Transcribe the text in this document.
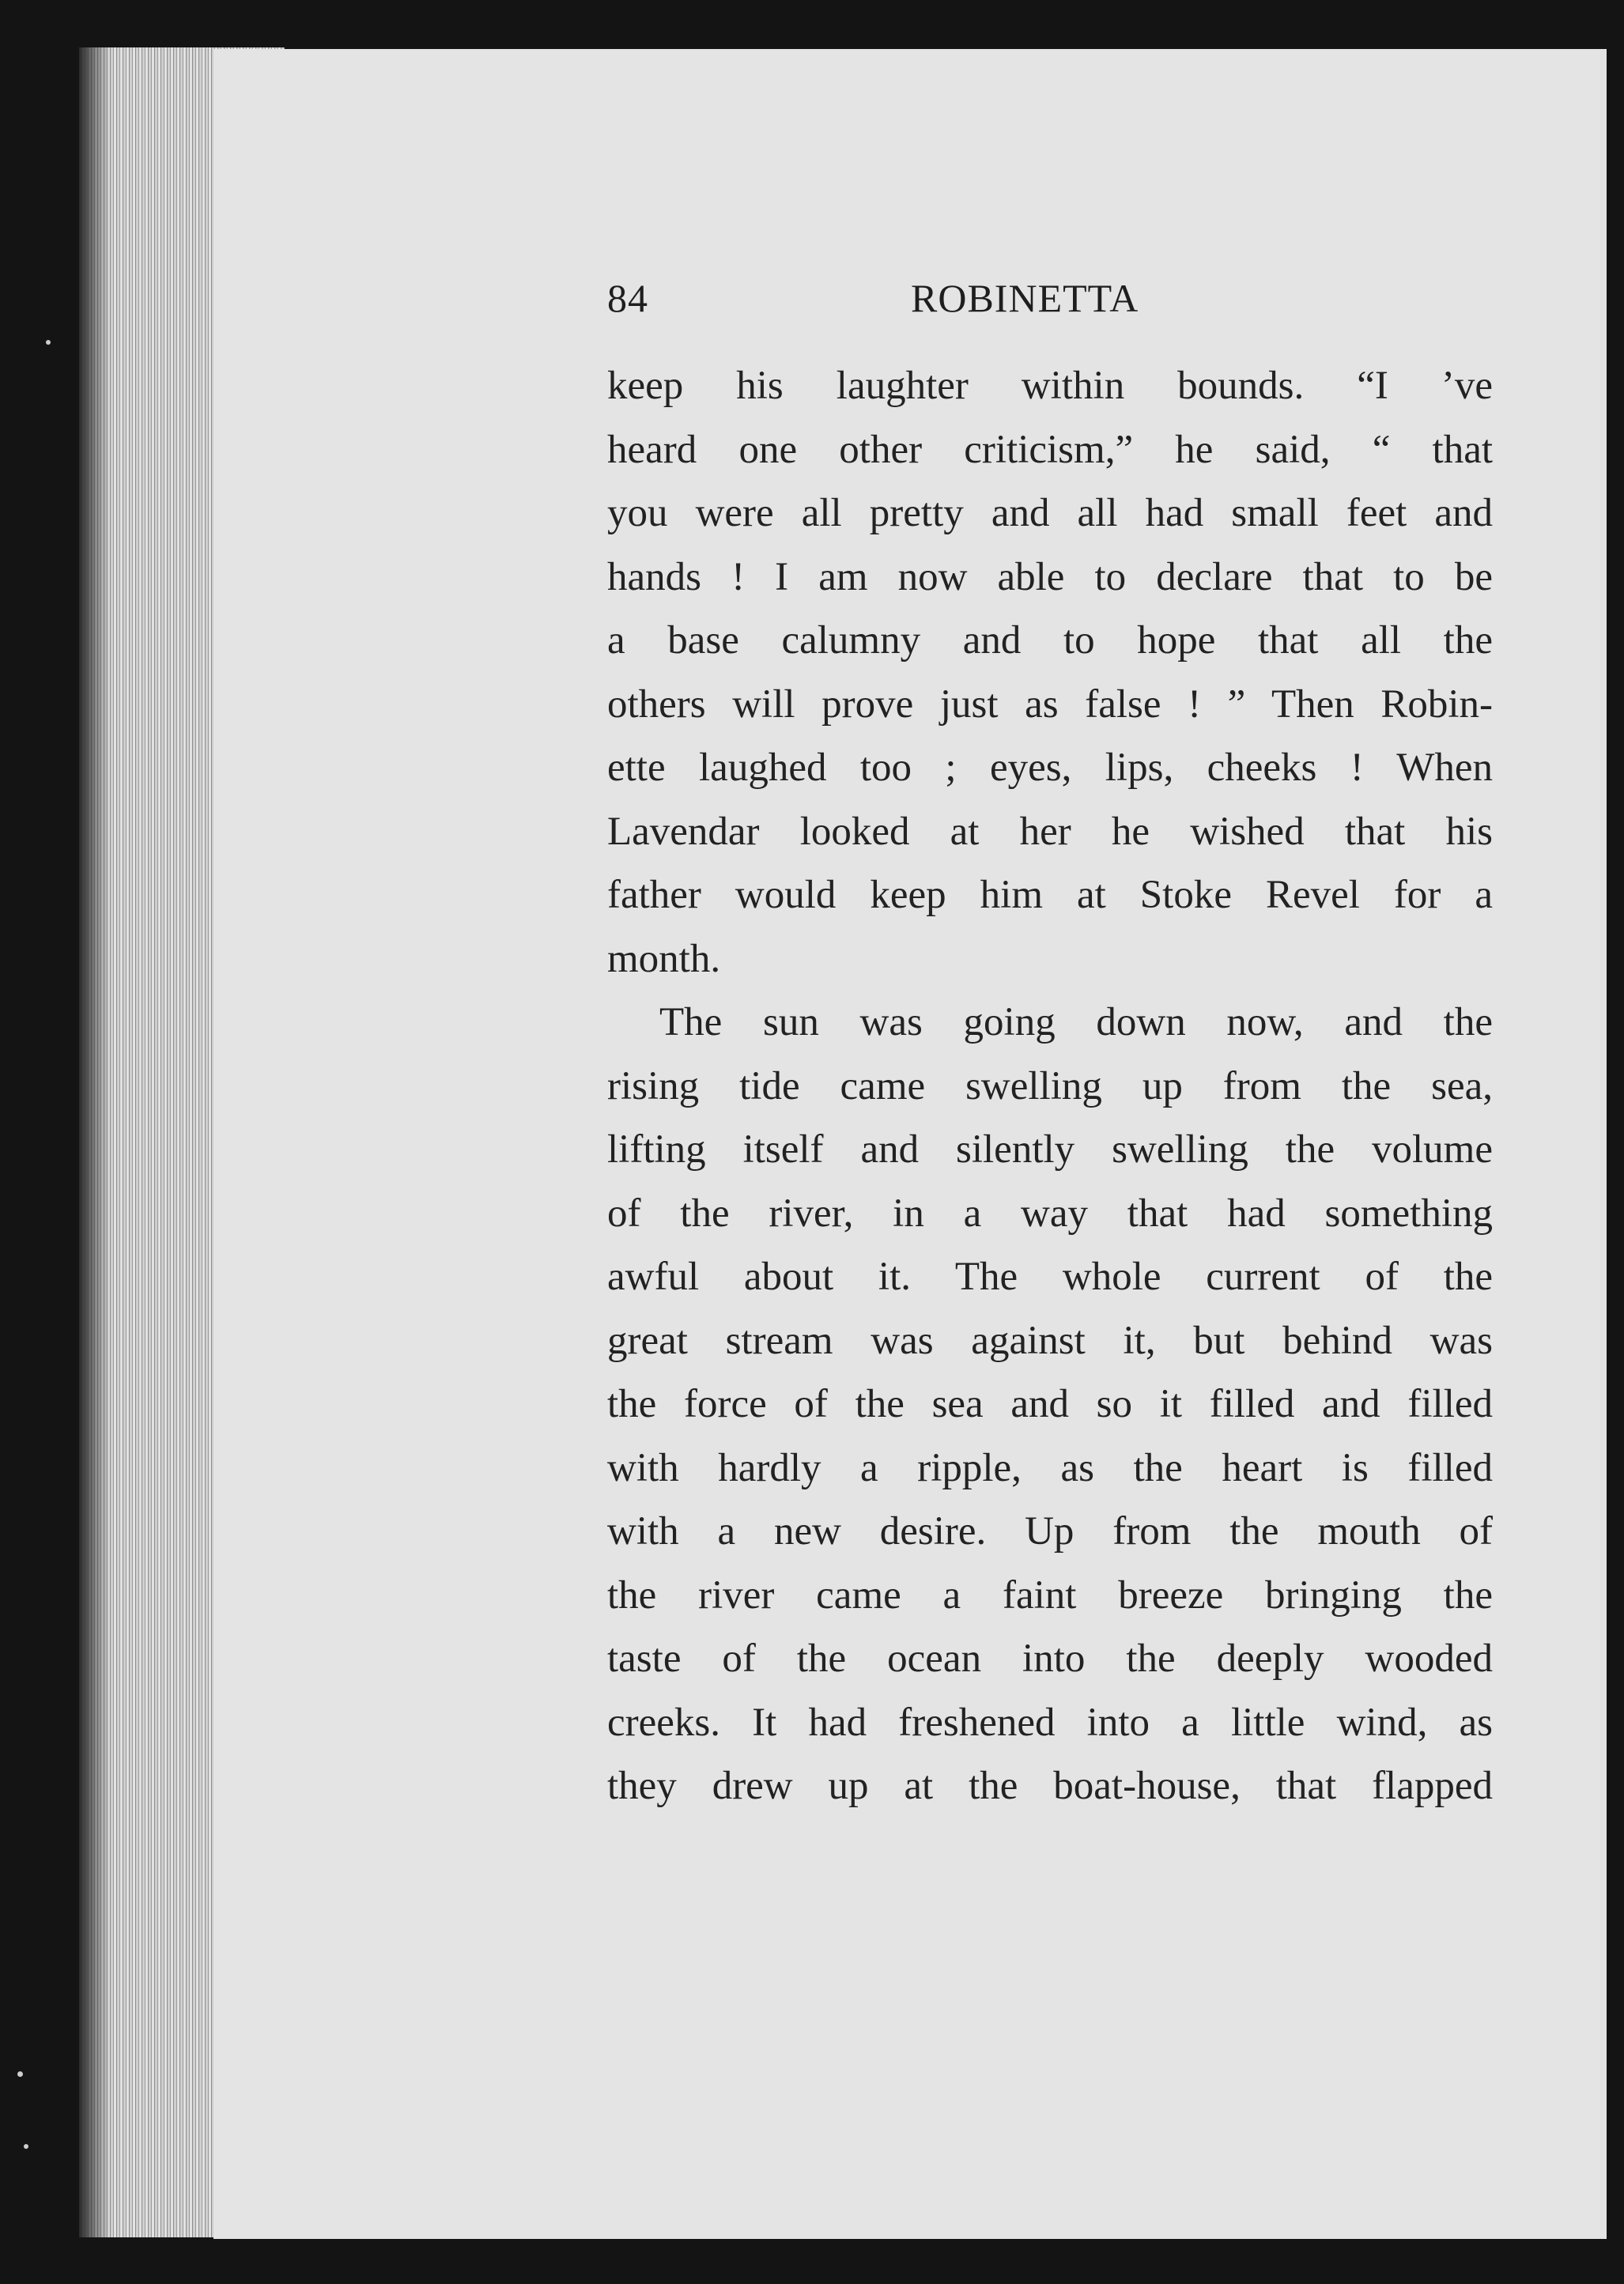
84	ROBINETTA
keep his laughter within bounds. “I ’ve
heard one other criticism,” he said, “ that
you were all pretty and all had small feet and
hands ! I am now able to declare that to be
a base calumny and to hope that all the
others will prove just as false ! ” Then Robin-
ette laughed too ; eyes, lips, cheeks ! When
Lavendar looked at her he wished that his
father would keep him at Stoke Revel for a
month.
The sun was going down now, and the
rising tide came swelling up from the sea,
lifting itself and silently swelling the volume
of the river, in a way that had something
awful about it. The whole current of the
great stream was against it, but behind was
the force of the sea and so it filled and filled
with hardly a ripple, as the heart is filled
with a new desire. Up from the mouth of
the river came a faint breeze bringing the
taste of the ocean into the deeply wooded
creeks. It had freshened into a little wind, as
they drew up at the boat-house, that flapped
